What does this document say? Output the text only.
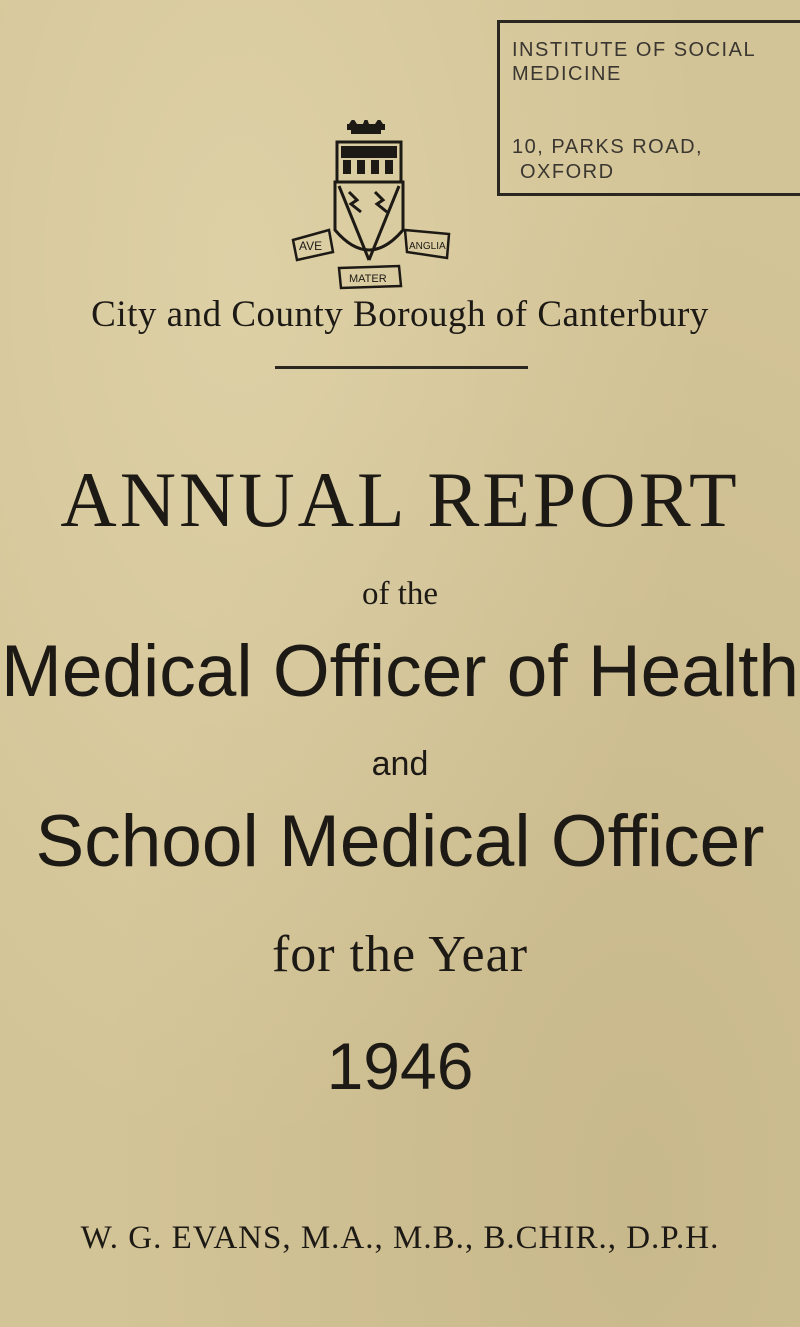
INSTITUTE OF SOCIAL
MEDICINE
10, PARKS ROAD,
OXFORD
AVE	ANGLIA
MATER
City and County Borough of Canterbury
ANNUAL REPORT
of the
Medical Officer of Health
and
School Medical Officer
for the Year
1946
W. G. EVANS, M.A., M.B., B.CHIR., D.P.H.
